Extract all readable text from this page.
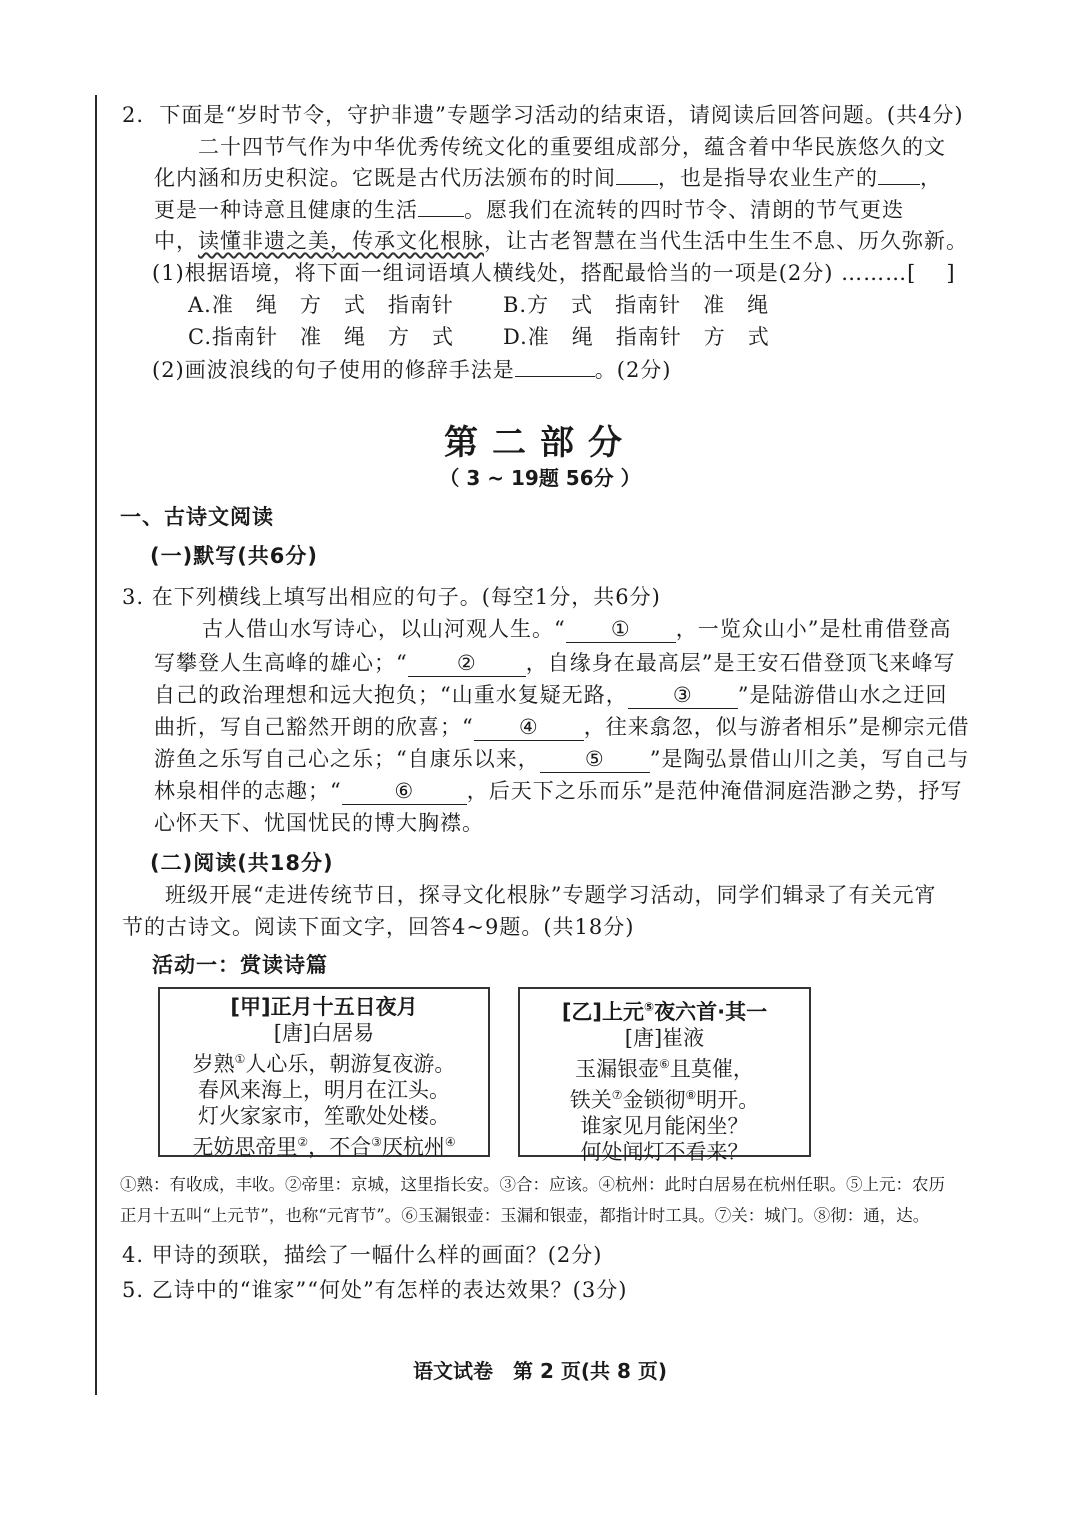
2. 下面是“岁时节令，守护非遗”专题学习活动的结束语，请阅读后回答问题。(共4分)
二十四节气作为中华优秀传统文化的重要组成部分，蕴含着中华民族悠久的文
化内涵和历史积淀。它既是古代历法颁布的时间 ，也是指导农业生产的 ，
更是一种诗意且健康的生活 。愿我们在流转的四时节令、清朗的节气更迭
中，读懂非遗之美，传承文化根脉，让古老智慧在当代生活中生生不息、历久弥新。
(1)根据语境，将下面一组词语填人横线处，搭配最恰当的一项是(2分) ………[ ]
A.准　绳　方　式　指南针 B.方　式　指南针　准　绳
C.指南针　准　绳　方　式 D.准　绳　指南针　方　式
(2)画波浪线的句子使用的修辞手法是	。(2分)
第二部分
（ 3 ~ 19题 56分 ）
一、古诗文阅读
(一)默写(共6分)
3. 在下列横线上填写出相应的句子。(每空1分，共6分)
古人借山水写诗心，以山河观人生。“ ① ，一览众山小”是杜甫借登高
写攀登人生高峰的雄心；“ ② ，自缘身在最高层”是王安石借登顶飞来峰写
自己的政治理想和远大抱负；“山重水复疑无路， ③ ”是陆游借山水之迂回
曲折，写自己豁然开朗的欣喜；“ ④ ，往来翕忽，似与游者相乐”是柳宗元借
游鱼之乐写自己心之乐；“自康乐以来， ⑤ ”是陶弘景借山川之美，写自己与
林泉相伴的志趣；“	⑥	，后天下之乐而乐”是范仲淹借洞庭浩渺之势，抒写
心怀天下、忧国忧民的博大胸襟。
(二)阅读(共18分)
班级开展“走进传统节日，探寻文化根脉”专题学习活动，同学们辑录了有关元宵
节的古诗文。阅读下面文字，回答4~9题。(共18分)
活动一：赏读诗篇
[甲]正月十五日夜月
[唐]白居易
岁熟①人心乐，朝游复夜游。
春风来海上，明月在江头。
灯火家家市，笙歌处处楼。
无妨思帝里②，不合③厌杭州④
[乙]上元⑤夜六首·其一
[唐]崔液
玉漏银壶⑥且莫催，
铁关⑦金锁彻⑧明开。
谁家见月能闲坐？
何处闻灯不看来？
①熟：有收成，丰收。②帝里：京城，这里指长安。③合：应该。④杭州：此时白居易在杭州任职。⑤上元：农历
正月十五叫“上元节”，也称“元宵节”。⑥玉漏银壶：玉漏和银壶，都指计时工具。⑦关：城门。⑧彻：通，达。
4. 甲诗的颈联，描绘了一幅什么样的画面？(2分)
5. 乙诗中的“谁家”“何处”有怎样的表达效果？(3分)
语文试卷　第 2 页(共 8 页)
